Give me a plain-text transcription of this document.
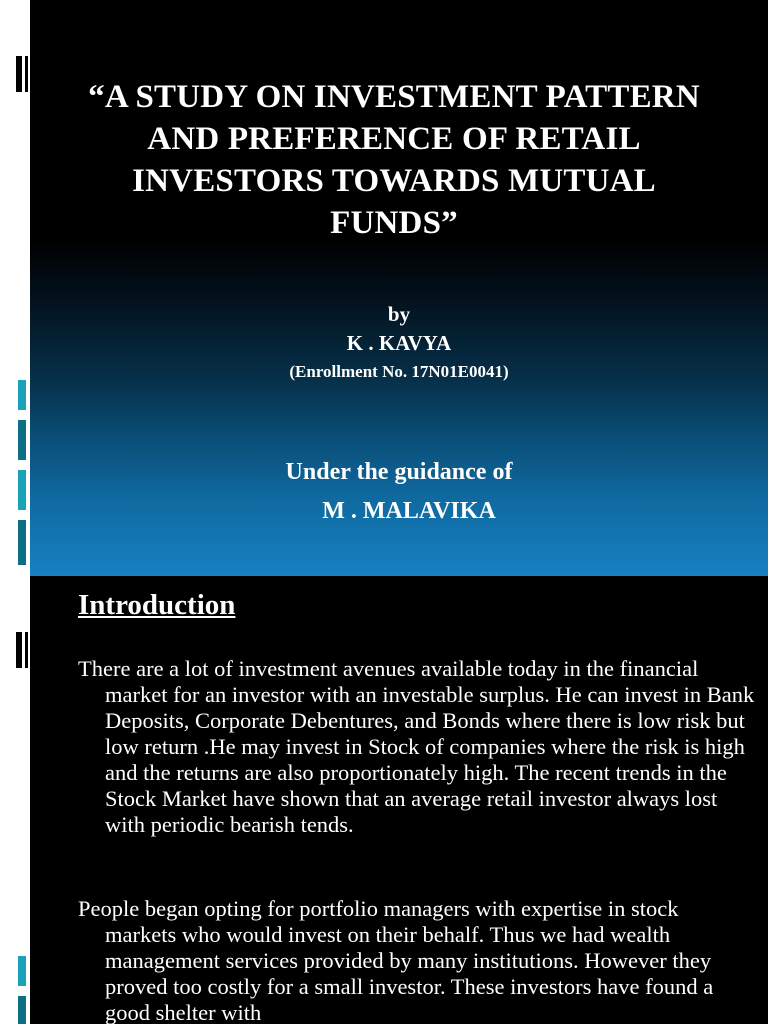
“A STUDY ON INVESTMENT PATTERN AND PREFERENCE OF RETAIL INVESTORS TOWARDS MUTUAL FUNDS”
by
K . KAVYA
(Enrollment No. 17N01E0041)
Under the guidance of
M . MALAVIKA
Introduction
There are a lot of investment avenues available today in the financial market for an investor with an investable surplus. He can invest in Bank Deposits, Corporate Debentures, and Bonds where there is low risk but low return .He may invest in Stock of companies where the risk is high and the returns are also proportionately high. The recent trends in the Stock Market have shown that an average retail investor always lost with periodic bearish tends.
People began opting for portfolio managers with expertise in stock markets who would invest on their behalf. Thus we had wealth management services provided by many institutions. However they proved too costly for a small investor. These investors have found a good shelter with
